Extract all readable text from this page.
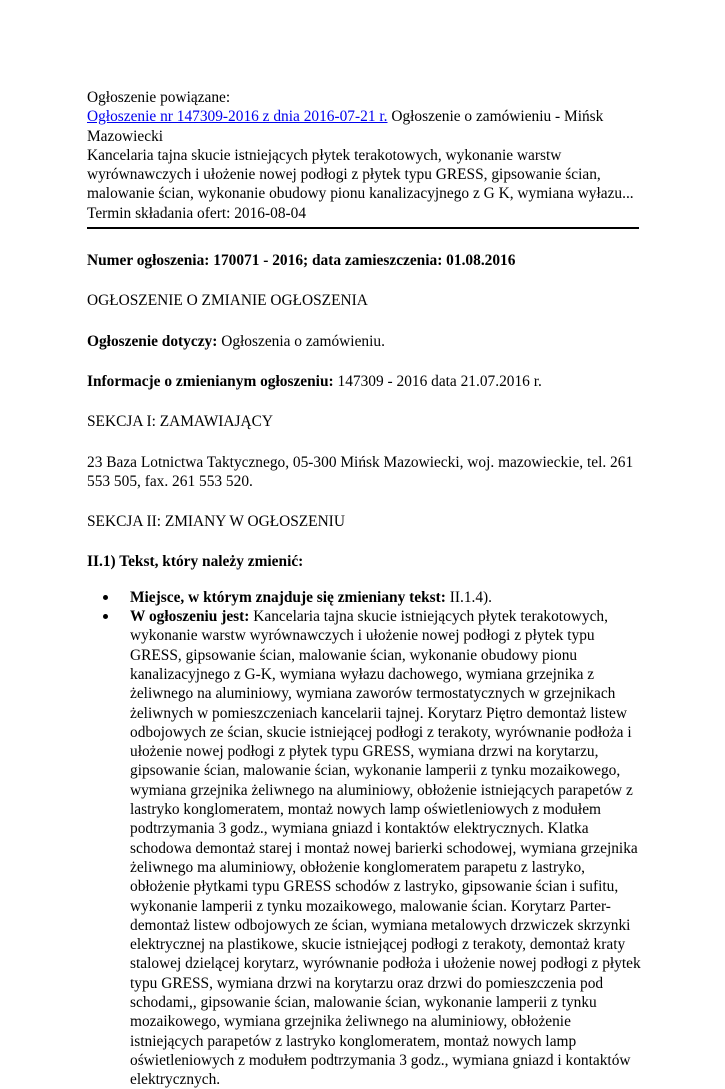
Ogłoszenie powiązane:

Ogłoszenie nr 147309-2016 z dnia 2016-07-21 r. Ogłoszenie o zamówieniu - Mińsk Mazowiecki

Kancelaria tajna skucie istniejących płytek terakotowych, wykonanie warstw wyrównawczych i ułożenie nowej podłogi z płytek typu GRESS, gipsowanie ścian, malowanie ścian, wykonanie obudowy pionu kanalizacyjnego z G K, wymiana wyłazu...

Termin składania ofert: 2016-08-04

Numer ogłoszenia: 170071 - 2016; data zamieszczenia: 01.08.2016

OGŁOSZENIE O ZMIANIE OGŁOSZENIA

Ogłoszenie dotyczy: Ogłoszenia o zamówieniu.

Informacje o zmienianym ogłoszeniu: 147309 - 2016 data 21.07.2016 r.

SEKCJA I: ZAMAWIAJĄCY

23 Baza Lotnictwa Taktycznego, 05-300 Mińsk Mazowiecki, woj. mazowieckie, tel. 261 553 505, fax. 261 553 520.

SEKCJA II: ZMIANY W OGŁOSZENIU

II.1) Tekst, który należy zmienić:

Miejsce, w którym znajduje się zmieniany tekst: II.1.4).
W ogłoszeniu jest: Kancelaria tajna skucie istniejących płytek terakotowych, wykonanie warstw wyrównawczych i ułożenie nowej podłogi z płytek typu GRESS, gipsowanie ścian, malowanie ścian, wykonanie obudowy pionu kanalizacyjnego z G-K, wymiana wyłazu dachowego, wymiana grzejnika z żeliwnego na aluminiowy, wymiana zaworów termostatycznych w grzejnikach żeliwnych w pomieszczeniach kancelarii tajnej. Korytarz Piętro demontaż listew odbojowych ze ścian, skucie istniejącej podłogi z terakoty, wyrównanie podłoża i ułożenie nowej podłogi z płytek typu GRESS, wymiana drzwi na korytarzu, gipsowanie ścian, malowanie ścian, wykonanie lamperii z tynku mozaikowego, wymiana grzejnika żeliwnego na aluminiowy, obłożenie istniejących parapetów z lastryko konglomeratem, montaż nowych lamp oświetleniowych z modułem podtrzymania 3 godz., wymiana gniazd i kontaktów elektrycznych. Klatka schodowa demontaż starej i montaż nowej barierki schodowej, wymiana grzejnika żeliwnego ma aluminiowy, obłożenie konglomeratem parapetu z lastryko, obłożenie płytkami typu GRESS schodów z lastryko, gipsowanie ścian i sufitu, wykonanie lamperii z tynku mozaikowego, malowanie ścian. Korytarz Parter- demontaż listew odbojowych ze ścian, wymiana metalowych drzwiczek skrzynki elektrycznej na plastikowe, skucie istniejącej podłogi z terakoty, demontaż kraty stalowej dzielącej korytarz, wyrównanie podłoża i ułożenie nowej podłogi z płytek typu GRESS, wymiana drzwi na korytarzu oraz drzwi do pomieszczenia pod schodami,, gipsowanie ścian, malowanie ścian, wykonanie lamperii z tynku mozaikowego, wymiana grzejnika żeliwnego na aluminiowy, obłożenie istniejących parapetów z lastryko konglomeratem, montaż nowych lamp oświetleniowych z modułem podtrzymania 3 godz., wymiana gniazd i kontaktów elektrycznych.
